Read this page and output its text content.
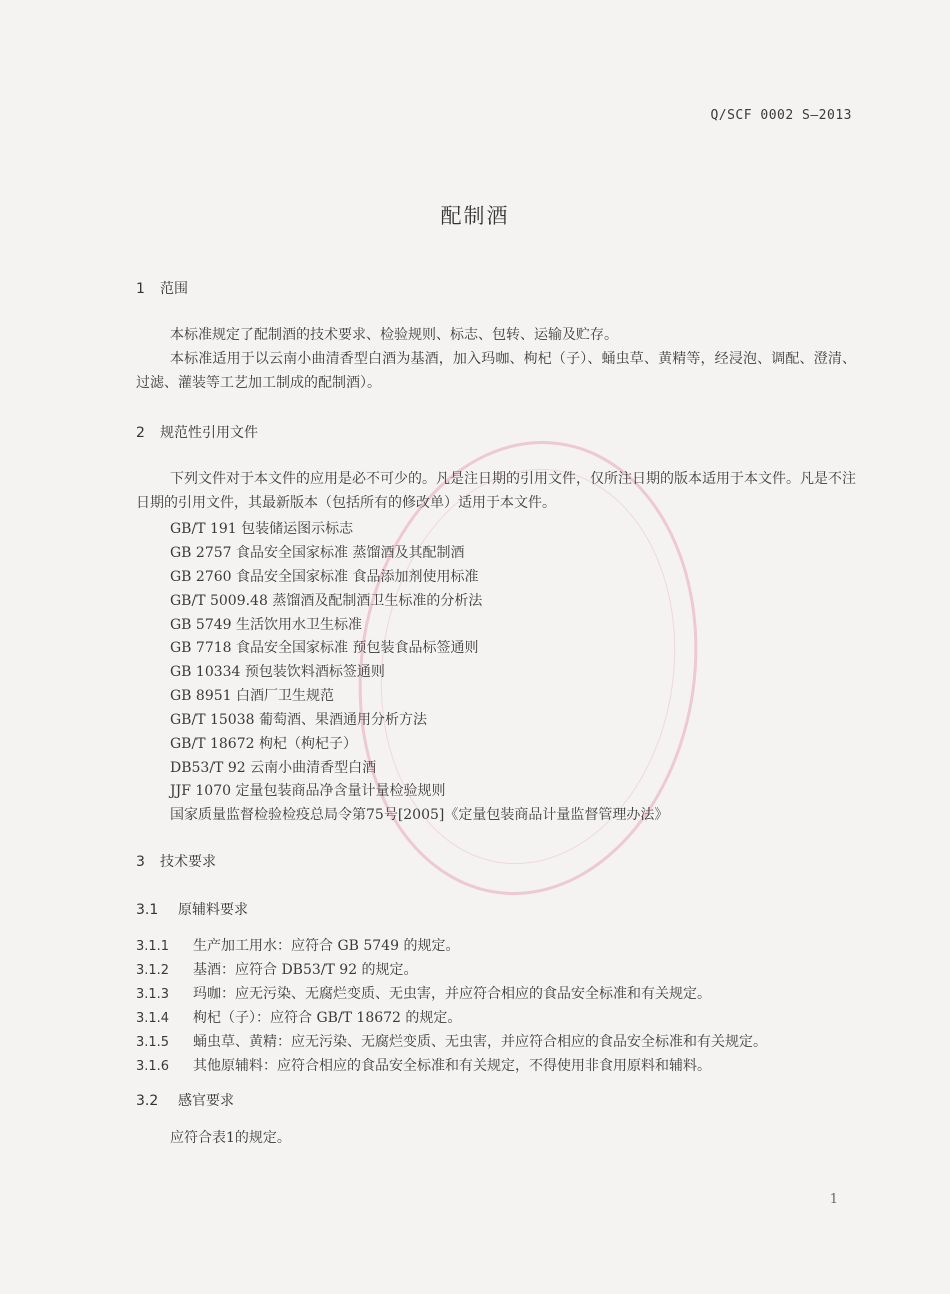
Q/SCF 0002 S—2013
配制酒
1 范围
本标准规定了配制酒的技术要求、检验规则、标志、包转、运输及贮存。
本标准适用于以云南小曲清香型白酒为基酒，加入玛咖、枸杞（子）、蛹虫草、黄精等，经浸泡、调配、澄清、过滤、灌装等工艺加工制成的配制酒）。
2 规范性引用文件
下列文件对于本文件的应用是必不可少的。凡是注日期的引用文件，仅所注日期的版本适用于本文件。凡是不注日期的引用文件，其最新版本（包括所有的修改单）适用于本文件。
GB/T 191 包装储运图示标志
GB 2757 食品安全国家标准 蒸馏酒及其配制酒
GB 2760 食品安全国家标准 食品添加剂使用标准
GB/T 5009.48 蒸馏酒及配制酒卫生标准的分析法
GB 5749 生活饮用水卫生标准
GB 7718 食品安全国家标准 预包装食品标签通则
GB 10334 预包装饮料酒标签通则
GB 8951 白酒厂卫生规范
GB/T 15038 葡萄酒、果酒通用分析方法
GB/T 18672 枸杞（枸杞子）
DB53/T 92 云南小曲清香型白酒
JJF 1070 定量包装商品净含量计量检验规则
国家质量监督检验检疫总局令第75号[2005]《定量包装商品计量监督管理办法》
3 技术要求
3.1 原辅料要求
3.1.1 生产加工用水：应符合 GB 5749 的规定。
3.1.2 基酒：应符合 DB53/T 92 的规定。
3.1.3 玛咖：应无污染、无腐烂变质、无虫害，并应符合相应的食品安全标准和有关规定。
3.1.4 枸杞（子）：应符合 GB/T 18672 的规定。
3.1.5 蛹虫草、黄精：应无污染、无腐烂变质、无虫害，并应符合相应的食品安全标准和有关规定。
3.1.6 其他原辅料：应符合相应的食品安全标准和有关规定，不得使用非食用原料和辅料。
3.2 感官要求
应符合表1的规定。
1
